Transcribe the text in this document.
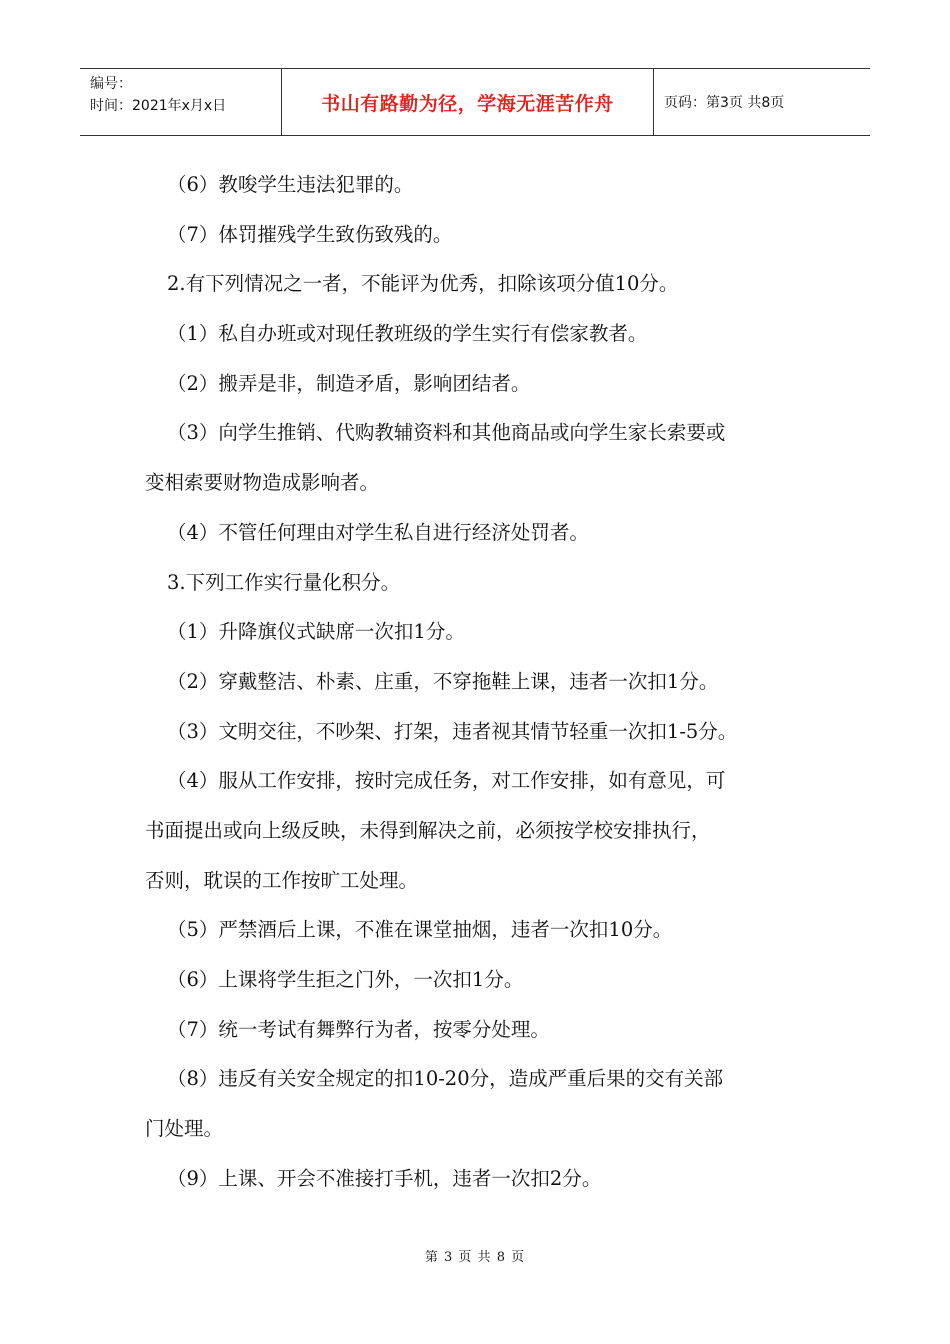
编号：
时间：2021年x月x日	书山有路勤为径，学海无涯苦作舟	页码：第3页 共8页
（6）教唆学生违法犯罪的。
（7）体罚摧残学生致伤致残的。
2.有下列情况之一者，不能评为优秀，扣除该项分值10分。
（1）私自办班或对现任教班级的学生实行有偿家教者。
（2）搬弄是非，制造矛盾，影响团结者。
（3）向学生推销、代购教辅资料和其他商品或向学生家长索要或
变相索要财物造成影响者。
（4）不管任何理由对学生私自进行经济处罚者。
3.下列工作实行量化积分。
（1）升降旗仪式缺席一次扣1分。
（2）穿戴整洁、朴素、庄重，不穿拖鞋上课，违者一次扣1分。
（3）文明交往，不吵架、打架，违者视其情节轻重一次扣1-5分。
（4）服从工作安排，按时完成任务，对工作安排，如有意见，可
书面提出或向上级反映，未得到解决之前，必须按学校安排执行，
否则，耽误的工作按旷工处理。
（5）严禁酒后上课，不准在课堂抽烟，违者一次扣10分。
（6）上课将学生拒之门外，一次扣1分。
（7）统一考试有舞弊行为者，按零分处理。
（8）违反有关安全规定的扣10-20分，造成严重后果的交有关部
门处理。
（9）上课、开会不准接打手机，违者一次扣2分。
第 3 页 共 8 页
